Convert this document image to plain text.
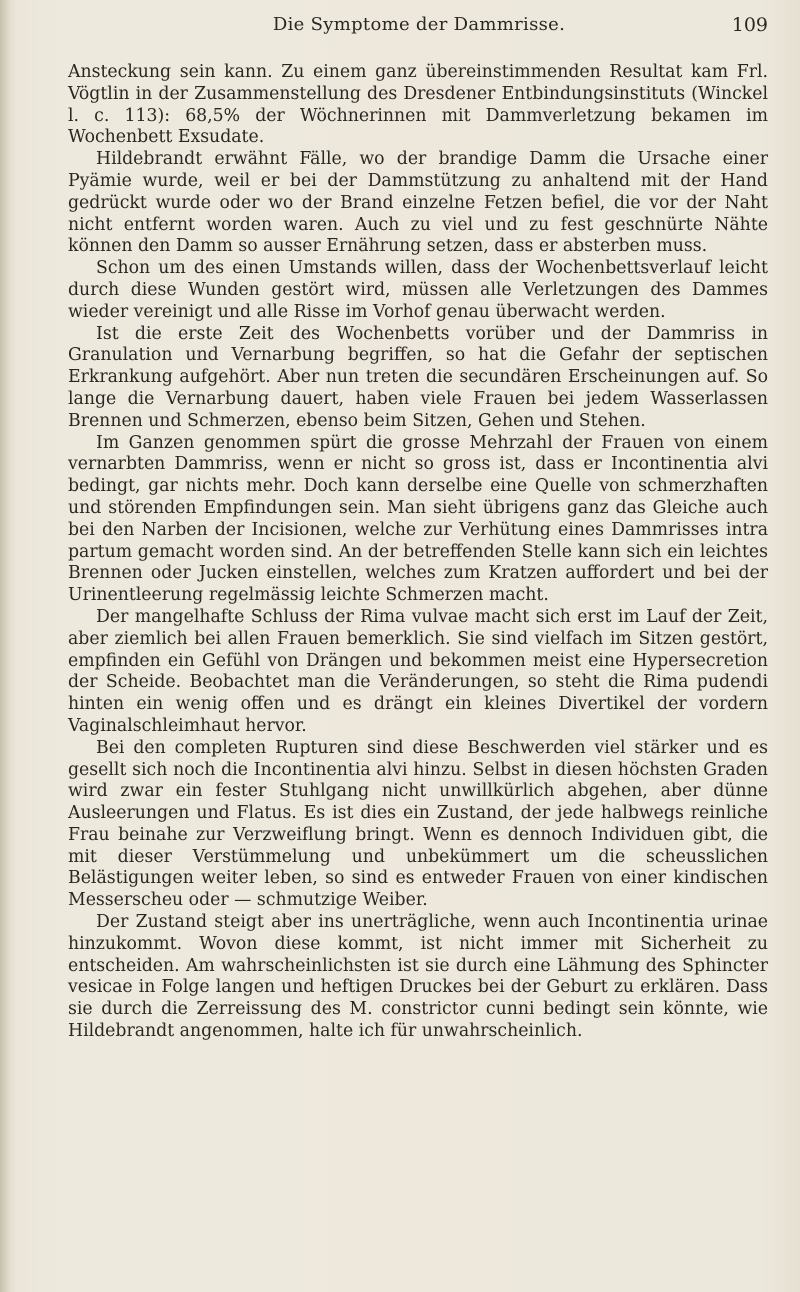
Die Symptome der Dammrisse.	109

Ansteckung sein kann. Zu einem ganz übereinstimmenden Resultat kam Frl. Vögtlin in der Zusammenstellung des Dresdener Entbindungsinstituts (Winckel l. c. 113): 68,5% der Wöchnerinnen mit Dammverletzung bekamen im Wochenbett Exsudate.

Hildebrandt erwähnt Fälle, wo der brandige Damm die Ursache einer Pyämie wurde, weil er bei der Dammstützung zu anhaltend mit der Hand gedrückt wurde oder wo der Brand einzelne Fetzen befiel, die vor der Naht nicht entfernt worden waren. Auch zu viel und zu fest geschnürte Nähte können den Damm so ausser Ernährung setzen, dass er absterben muss.

Schon um des einen Umstands willen, dass der Wochenbettsverlauf leicht durch diese Wunden gestört wird, müssen alle Verletzungen des Dammes wieder vereinigt und alle Risse im Vorhof genau überwacht werden.

Ist die erste Zeit des Wochenbetts vorüber und der Dammriss in Granulation und Vernarbung begriffen, so hat die Gefahr der septischen Erkrankung aufgehört. Aber nun treten die secundären Erscheinungen auf. So lange die Vernarbung dauert, haben viele Frauen bei jedem Wasserlassen Brennen und Schmerzen, ebenso beim Sitzen, Gehen und Stehen.

Im Ganzen genommen spürt die grosse Mehrzahl der Frauen von einem vernarbten Dammriss, wenn er nicht so gross ist, dass er Incontinentia alvi bedingt, gar nichts mehr. Doch kann derselbe eine Quelle von schmerzhaften und störenden Empfindungen sein. Man sieht übrigens ganz das Gleiche auch bei den Narben der Incisionen, welche zur Verhütung eines Dammrisses intra partum gemacht worden sind. An der betreffenden Stelle kann sich ein leichtes Brennen oder Jucken einstellen, welches zum Kratzen auffordert und bei der Urinentleerung regelmässig leichte Schmerzen macht.

Der mangelhafte Schluss der Rima vulvae macht sich erst im Lauf der Zeit, aber ziemlich bei allen Frauen bemerklich. Sie sind vielfach im Sitzen gestört, empfinden ein Gefühl von Drängen und bekommen meist eine Hypersecretion der Scheide. Beobachtet man die Veränderungen, so steht die Rima pudendi hinten ein wenig offen und es drängt ein kleines Divertikel der vordern Vaginalschleimhaut hervor.

Bei den completen Rupturen sind diese Beschwerden viel stärker und es gesellt sich noch die Incontinentia alvi hinzu. Selbst in diesen höchsten Graden wird zwar ein fester Stuhlgang nicht unwillkürlich abgehen, aber dünne Ausleerungen und Flatus. Es ist dies ein Zustand, der jede halbwegs reinliche Frau beinahe zur Verzweiflung bringt. Wenn es dennoch Individuen gibt, die mit dieser Verstümmelung und unbekümmert um die scheusslichen Belästigungen weiter leben, so sind es entweder Frauen von einer kindischen Messerscheu oder — schmutzige Weiber.

Der Zustand steigt aber ins unerträgliche, wenn auch Incontinentia urinae hinzukommt. Wovon diese kommt, ist nicht immer mit Sicherheit zu entscheiden. Am wahrscheinlichsten ist sie durch eine Lähmung des Sphincter vesicae in Folge langen und heftigen Druckes bei der Geburt zu erklären. Dass sie durch die Zerreissung des M. constrictor cunni bedingt sein könnte, wie Hildebrandt angenommen, halte ich für unwahrscheinlich.
